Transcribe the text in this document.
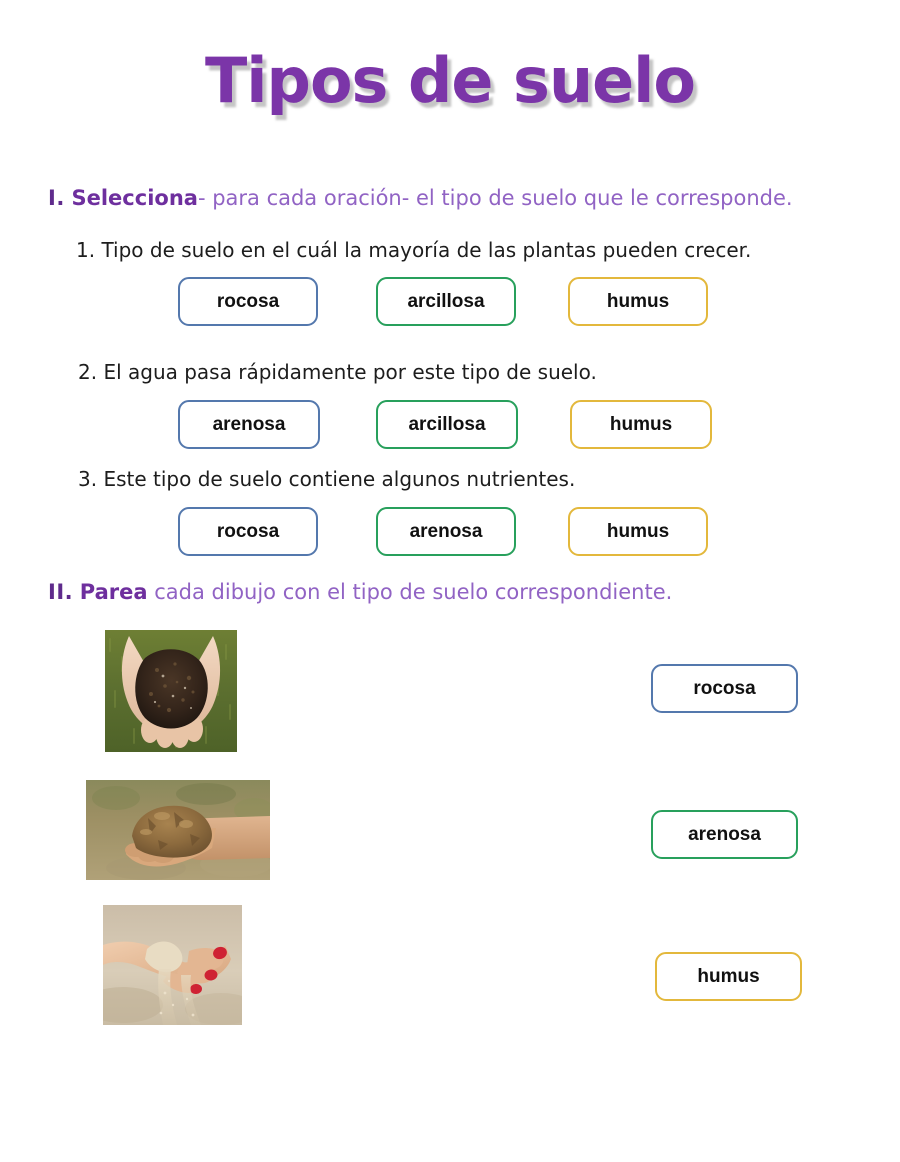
Tipos de suelo
I. Selecciona- para cada oración- el tipo de suelo que le corresponde.
1. Tipo de suelo en el cuál la mayoría de las plantas pueden crecer.
rocosa	arcillosa	humus
2. El agua pasa rápidamente por este tipo de suelo.
arenosa	arcillosa	humus
3. Este tipo de suelo contiene algunos nutrientes.
rocosa	arenosa	humus
II. Parea cada dibujo con el tipo de suelo correspondiente.
rocosa
arenosa
humus
